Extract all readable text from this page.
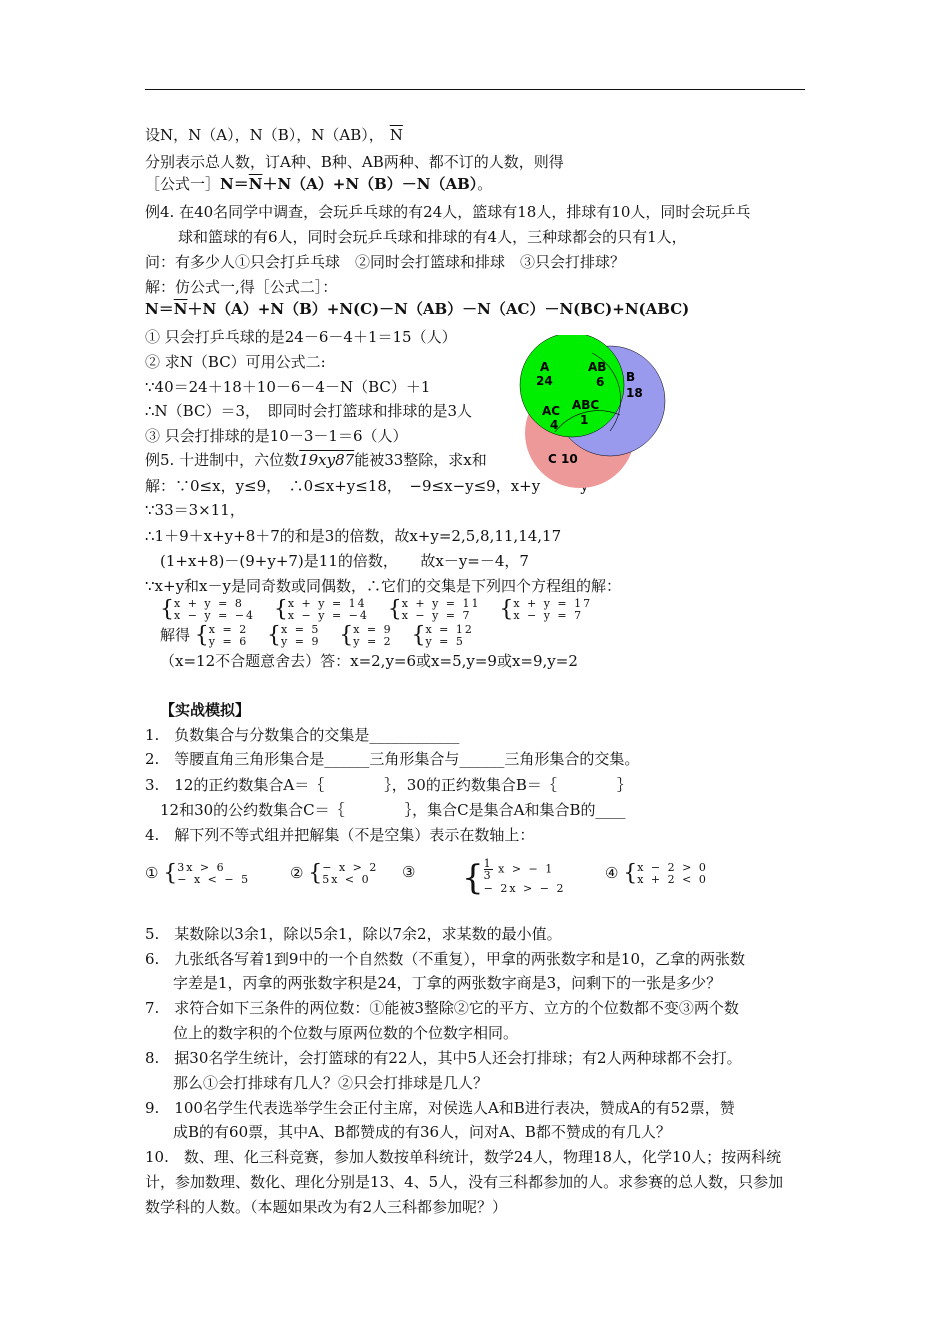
设N，N（A），N（B），N（AB）， $\overline{N}$
分别表示总人数，订A种、B种、AB两种、都不订的人数，则得
［公式一$]N=\overline{N}+N(A)+N(B)-N(AB)$。
例4. 在40名同学中调查，会玩乒乓球的有24人，篮球有18人，排球有10人，同时会玩乒乓
球和篮球的有6人，同时会玩乒乓球和排球的有4人，三种球都会的只有1人，
问：有多少人①只会打乒乓球　②同时会打篮球和排球　③只会打排球？
解：仿公式一,得［公式二］：
$N=\overline{N}+N(A)+N(B)+N(C)-N(AB)-N(AC)-N(BC)+N(ABC)$
① 只会打乒乓球的是24－6－4＋1＝15（人）
② 求N（BC）可用公式二:
∵40＝24＋18＋10－6－4－N（BC）＋1
∴N（BC）＝3，　即同时会打篮球和排球的是3人
③ 只会打排球的是10－3－1＝6（人）
例5. 十进制中，六位数19xy87能被33整除，求x和
解：∵0≤x，y≤9，　∴0≤x+y≤18，　−9≤x−y≤9，x+y
A
24
AB
6 B
18
AC
4
ABC
1
C 10
∵33＝3×11，
∴1＋9＋x+y+8＋7的和是3的倍数，故x+y=2,5,8,11,14,17
(1+x+8)－(9+y+7)是11的倍数，　　故x－y=－4，7
∵x+y和x－y是同奇数或同偶数，∴它们的交集是下列四个方程组的解：
{x + y = 8
x − y = −4 {x + y = 14
x − y = −4 {x + y = 11
x − y = 7 {x + y = 17
x − y = 7
解得 {x = 2
y = 6 {x = 5
y = 9 {x = 9
y = 2 {x = 12
y = 5
（x=12不合题意舍去）答：x=2,y=6或x=5,y=9或x=9,y=2
【实战模拟】
1.　负数集合与分数集合的交集是____________
2.　等腰直角三角形集合是______三角形集合与______三角形集合的交集。
3.　12的正约数集合A＝｛　　　　｝，30的正约数集合B＝｛　　　　｝
12和30的公约数集合C＝｛　　　　｝，集合C是集合A和集合B的____
4.　解下列不等式组并把解集（不是空集）表示在数轴上：
① {3x > 6
− x < − 5	② {− x > 2
5x < 0	③ { $\frac{1}{3}$ x > − 1
− 2x > − 2
④ {x − 2 > 0
x + 2 < 0
5.　某数除以3余1，除以5余1，除以7余2，求某数的最小值。
6.　九张纸各写着1到9中的一个自然数（不重复），甲拿的两张数字和是10，乙拿的两张数
字差是1，丙拿的两张数字积是24，丁拿的两张数字商是3，问剩下的一张是多少？
7.　求符合如下三条件的两位数：①能被3整除②它的平方、立方的个位数都不变③两个数
位上的数字积的个位数与原两位数的个位数字相同。
8.　据30名学生统计，会打篮球的有22人，其中5人还会打排球；有2人两种球都不会打。
那么①会打排球有几人？②只会打排球是几人？
9.　100名学生代表选举学生会正付主席，对侯选人A和B进行表决，赞成A的有52票，赞
成B的有60票，其中A、B都赞成的有36人，问对A、B都不赞成的有几人？
10.　数、理、化三科竞赛，参加人数按单科统计，数学24人，物理18人，化学10人；按两科统
计，参加数理、数化、理化分别是13、4、5人，没有三科都参加的人。求参赛的总人数，只参加
数学科的人数。（本题如果改为有2人三科都参加呢？）
